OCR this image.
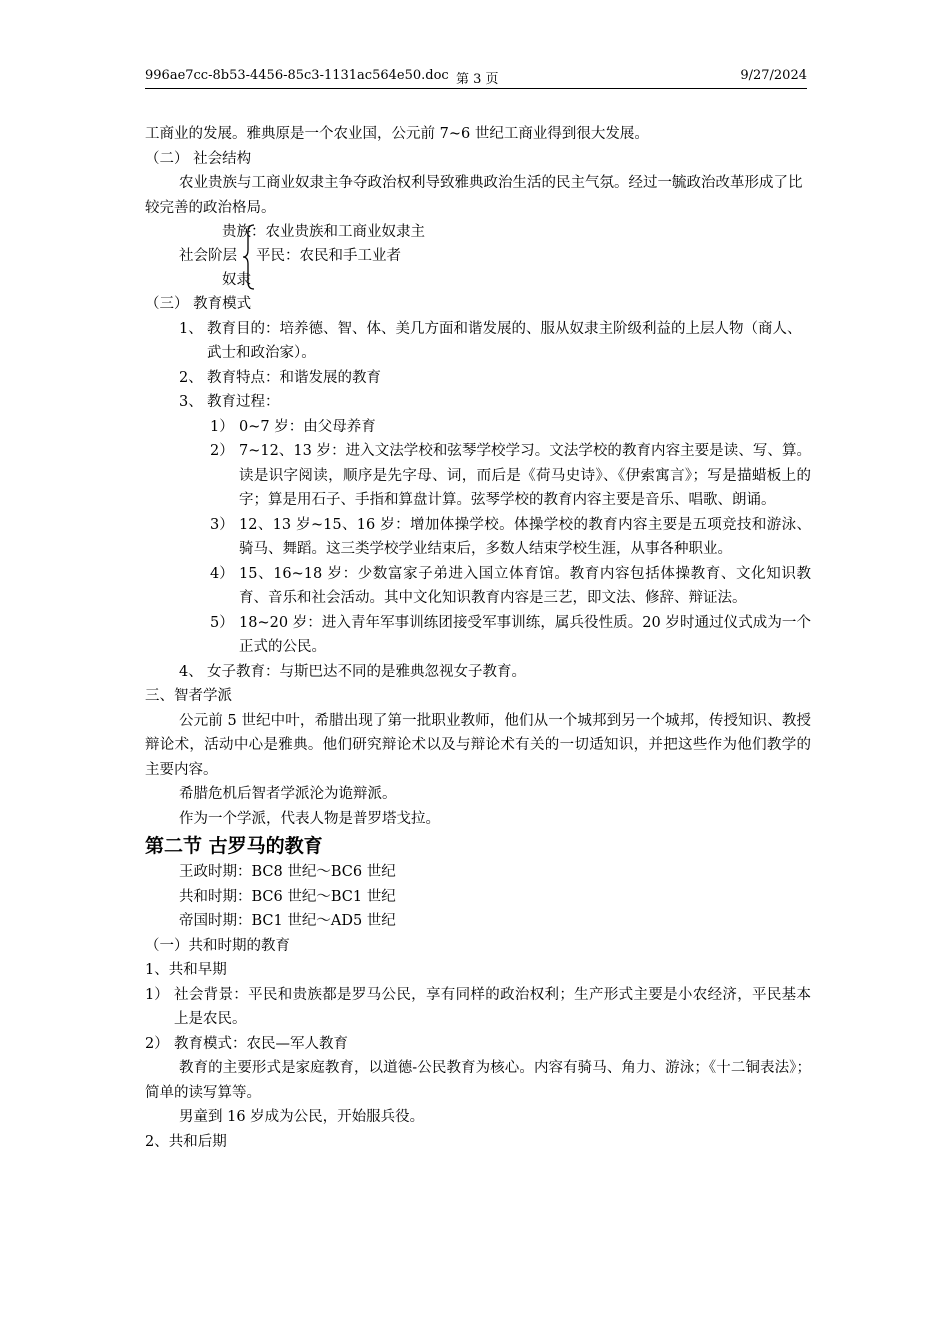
996ae7cc-8b53-4456-85c3-1131ac564e50.doc 第 3 页	9/27/2024

工商业的发展。雅典原是一个农业国，公元前 7~6 世纪工商业得到很大发展。

（二） 社会结构

农业贵族与工商业奴隶主争夺政治权利导致雅典政治生活的民主气氛。经过一毓政治改革形成了比较完善的政治格局。

贵族：农业贵族和工商业奴隶主
社会阶层 平民：农民和手工业者
奴隶

（三） 教育模式

1、 教育目的：培养德、智、体、美几方面和谐发展的、服从奴隶主阶级利益的上层人物（商人、武士和政治家）。
2、 教育特点：和谐发展的教育
3、 教育过程：
1） 0~7 岁：由父母养育
2） 7~12、13 岁：进入文法学校和弦琴学校学习。文法学校的教育内容主要是读、写、算。读是识字阅读，顺序是先字母、词，而后是《荷马史诗》、《伊索寓言》；写是描蜡板上的字；算是用石子、手指和算盘计算。弦琴学校的教育内容主要是音乐、唱歌、朗诵。
3） 12、13 岁~15、16 岁：增加体操学校。体操学校的教育内容主要是五项竞技和游泳、骑马、舞蹈。这三类学校学业结束后，多数人结束学校生涯，从事各种职业。
4） 15、16~18 岁：少数富家子弟进入国立体育馆。教育内容包括体操教育、文化知识教育、音乐和社会活动。其中文化知识教育内容是三艺，即文法、修辞、辩证法。
5） 18~20 岁：进入青年军事训练团接受军事训练，属兵役性质。20 岁时通过仪式成为一个正式的公民。
4、 女子教育：与斯巴达不同的是雅典忽视女子教育。

三、智者学派

公元前 5 世纪中叶，希腊出现了第一批职业教师，他们从一个城邦到另一个城邦，传授知识、教授辩论术，活动中心是雅典。他们研究辩论术以及与辩论术有关的一切适知识，并把这些作为他们教学的主要内容。

希腊危机后智者学派沦为诡辩派。

作为一个学派，代表人物是普罗塔戈拉。

第二节 古罗马的教育

王政时期：BC8 世纪～BC6 世纪

共和时期：BC6 世纪～BC1 世纪

帝国时期：BC1 世纪～AD5 世纪

（一）共和时期的教育

1、共和早期

1） 社会背景：平民和贵族都是罗马公民，享有同样的政治权利；生产形式主要是小农经济，平民基本上是农民。
2） 教育模式：农民—军人教育

教育的主要形式是家庭教育，以道德-公民教育为核心。内容有骑马、角力、游泳；《十二铜表法》；简单的读写算等。

男童到 16 岁成为公民，开始服兵役。

2、共和后期
